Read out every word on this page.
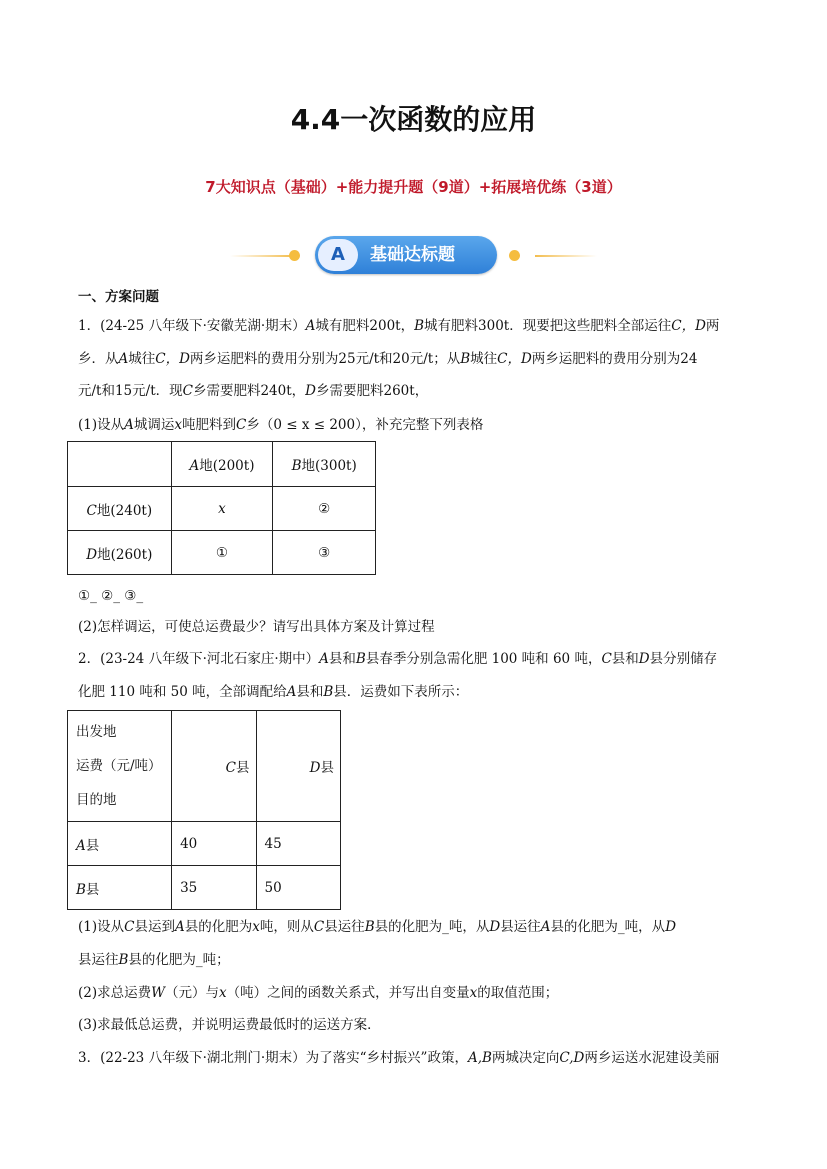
4.4一次函数的应用
7大知识点（基础）+能力提升题（9道）+拓展培优练（3道）
A	基础达标题
一、方案问题
1．(24-25 八年级下·安徽芜湖·期末）A城有肥料200t，B城有肥料300t．现要把这些肥料全部运往C，D两
乡．从A城往C，D两乡运肥料的费用分别为25元/t和20元/t；从B城往C，D两乡运肥料的费用分别为24
元/t和15元/t．现C乡需要肥料240t，D乡需要肥料260t，
(1)设从A城调运x吨肥料到C乡（0 ≤ x ≤ 200），补充完整下列表格
	A地(200t)	B地(300t)
C地(240t)	x	②
D地(260t)	①	③
①_ ②_ ③_
(2)怎样调运，可使总运费最少？请写出具体方案及计算过程
2．(23-24 八年级下·河北石家庄·期中）A县和B县春季分别急需化肥 100 吨和 60 吨，C县和D县分别储存
化肥 110 吨和 50 吨，全部调配给A县和B县．运费如下表所示：
出发地
运费（元/吨）
目的地	C县	D县
A县	40	45
B县	35	50
(1)设从C县运到A县的化肥为x吨，则从C县运往B县的化肥为_吨，从D县运往A县的化肥为_吨，从D
县运往B县的化肥为_吨；
(2)求总运费W（元）与x（吨）之间的函数关系式，并写出自变量x的取值范围；
(3)求最低总运费，并说明运费最低时的运送方案．
3．(22-23 八年级下·湖北荆门·期末）为了落实“乡村振兴”政策，A,B两城决定向C,D两乡运送水泥建设美丽
